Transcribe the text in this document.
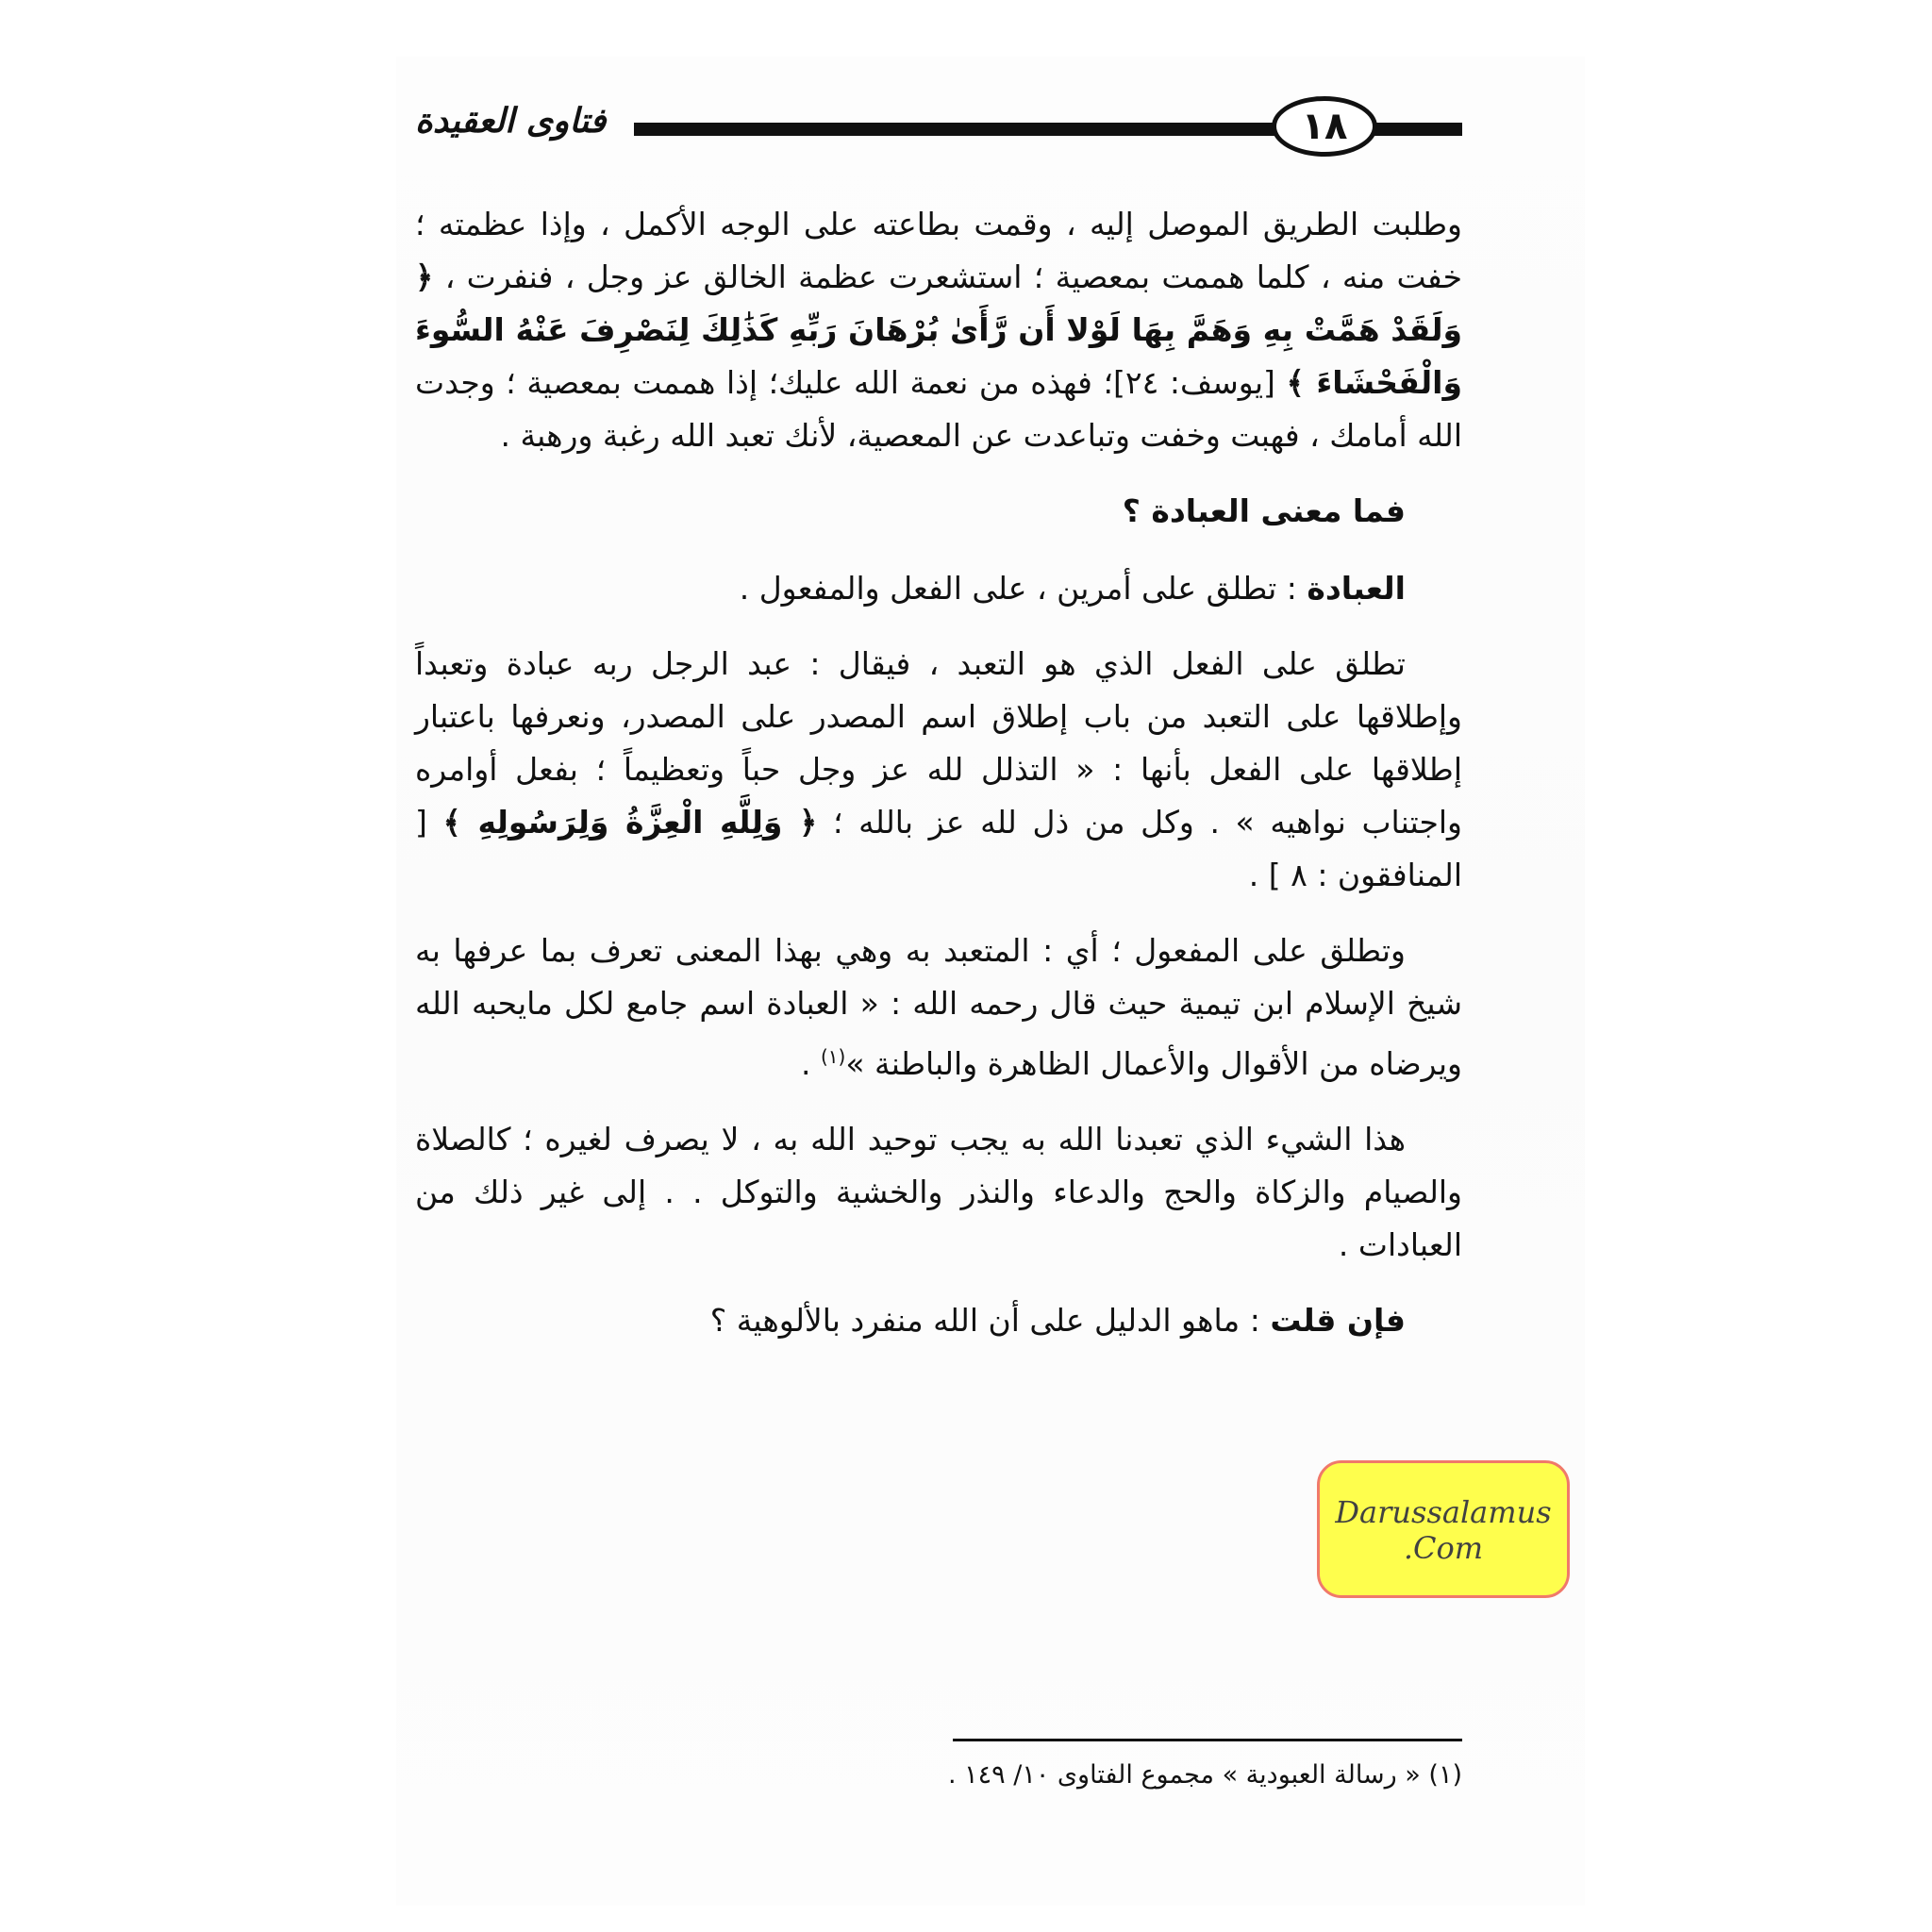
فتاوى العقيدة	١٨

وطلبت الطريق الموصل إليه ، وقمت بطاعته على الوجه الأكمل ، وإذا عظمته ؛ خفت منه ، كلما هممت بمعصية ؛ استشعرت عظمة الخالق عز وجل ، فنفرت ، ﴿ وَلَقَدْ هَمَّتْ بِهِ وَهَمَّ بِهَا لَوْلا أَن رَّأَىٰ بُرْهَانَ رَبِّهِ كَذَٰلِكَ لِنَصْرِفَ عَنْهُ السُّوءَ وَالْفَحْشَاءَ ﴾ [يوسف: ٢٤]؛ فهذه من نعمة الله عليك؛ إذا هممت بمعصية ؛ وجدت الله أمامك ، فهبت وخفت وتباعدت عن المعصية، لأنك تعبد الله رغبة ورهبة .

فما معنى العبادة ؟

العبادة : تطلق على أمرين ، على الفعل والمفعول .

تطلق على الفعل الذي هو التعبد ، فيقال : عبد الرجل ربه عبادة وتعبداً وإطلاقها على التعبد من باب إطلاق اسم المصدر على المصدر، ونعرفها باعتبار إطلاقها على الفعل بأنها : « التذلل لله عز وجل حباً وتعظيماً ؛ بفعل أوامره واجتناب نواهيه » . وكل من ذل لله عز بالله ؛ ﴿ وَلِلَّهِ الْعِزَّةُ وَلِرَسُولِهِ ﴾ [ المنافقون : ٨ ] .

وتطلق على المفعول ؛ أي : المتعبد به وهي بهذا المعنى تعرف بما عرفها به شيخ الإسلام ابن تيمية حيث قال رحمه الله : « العبادة اسم جامع لكل مايحبه الله ويرضاه من الأقوال والأعمال الظاهرة والباطنة »$^{(١)}$ .

هذا الشيء الذي تعبدنا الله به يجب توحيد الله به ، لا يصرف لغيره ؛ كالصلاة والصيام والزكاة والحج والدعاء والنذر والخشية والتوكل . . إلى غير ذلك من العبادات .

فإن قلت : ماهو الدليل على أن الله منفرد بالألوهية ؟

(١) « رسالة العبودية » مجموع الفتاوى ١٠/ ١٤٩ .
Darussalamus
.Com
